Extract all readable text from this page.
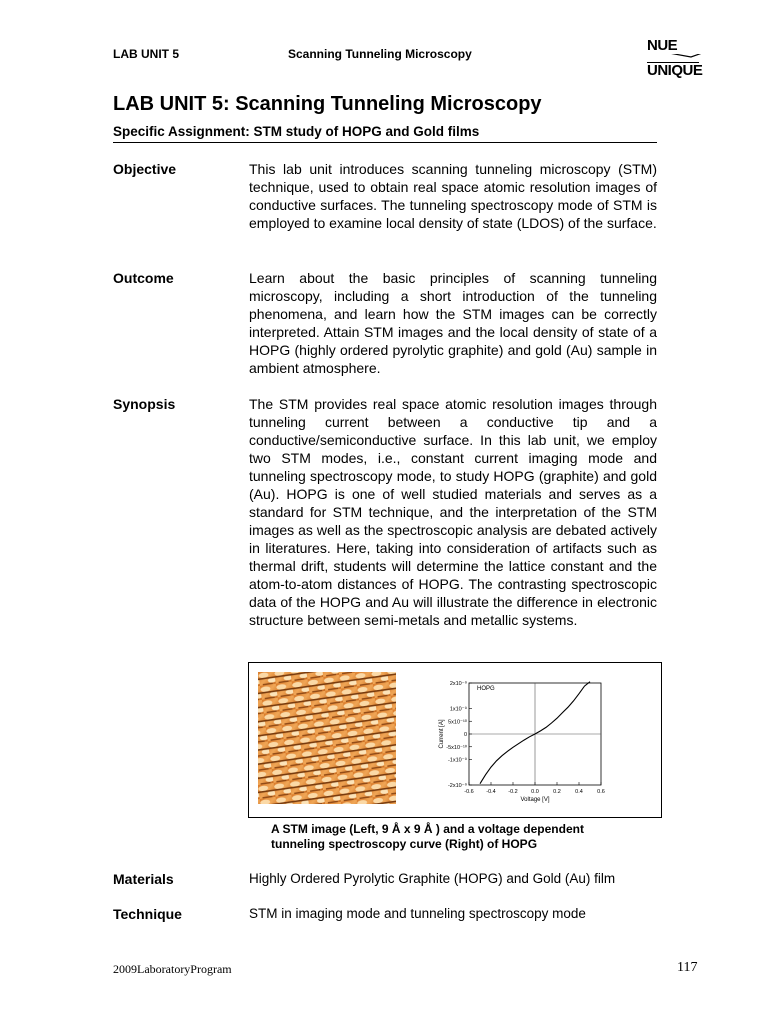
LAB UNIT 5	Scanning Tunneling Microscopy	NUE
UNIQUE
LAB UNIT 5: Scanning Tunneling Microscopy
Specific Assignment: STM study of HOPG and Gold films
Objective	This lab unit introduces scanning tunneling microscopy (STM) technique, used to obtain real space atomic resolution images of conductive surfaces. The tunneling spectroscopy mode of STM is employed to examine local density of state (LDOS) of the surface.
Outcome	Learn about the basic principles of scanning tunneling microscopy, including a short introduction of the tunneling phenomena, and learn how the STM images can be correctly interpreted. Attain STM images and the local density of state of a HOPG (highly ordered pyrolytic graphite) and gold (Au) sample in ambient atmosphere.
Synopsis	The STM provides real space atomic resolution images through tunneling current between a conductive tip and a conductive/semiconductive surface. In this lab unit, we employ two STM modes, i.e., constant current imaging mode and tunneling spectroscopy mode, to study HOPG (graphite) and gold (Au). HOPG is one of well studied materials and serves as a standard for STM technique, and the interpretation of the STM images as well as the spectroscopic analysis are debated actively in literatures. Here, taking into consideration of artifacts such as thermal drift, students will determine the lattice constant and the atom-to-atom distances of HOPG. The contrasting spectroscopic data of the HOPG and Au will illustrate the difference in electronic structure between semi-metals and metallic systems.
-0.6 -0.4 -0.2 0.0	0.2	0.4	0.6
2x10⁻⁹
1x10⁻⁹
5x10⁻¹⁰
0
-5x10⁻¹⁰
-1x10⁻⁹
-2x10⁻⁹
Voltage [V]
Current [A]
HOPG
A STM image (Left, 9 Å x 9 Å ) and a voltage dependent
tunneling spectroscopy curve (Right) of HOPG
Materials	Highly Ordered Pyrolytic Graphite (HOPG) and Gold (Au) film
Technique	STM in imaging mode and tunneling spectroscopy mode
2009LaboratoryProgram	117
